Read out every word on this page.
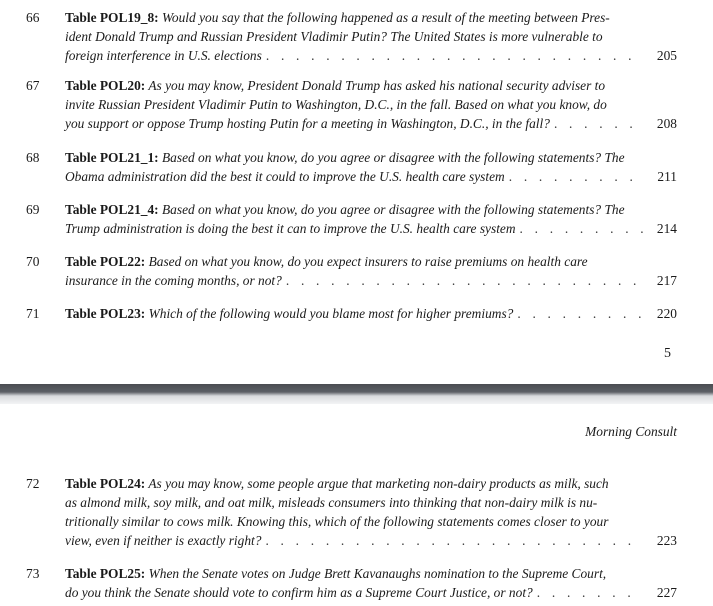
66	Table POL19_8: Would you say that the following happened as a result of the meeting between Pres-
ident Donald Trump and Russian President Vladimir Putin? The United States is more vulnerable to
foreign interference in U.S. elections . . .	205
67	Table POL20: As you may know, President Donald Trump has asked his national security adviser to
invite Russian President Vladimir Putin to Washington, D.C., in the fall. Based on what you know, do
you support or oppose Trump hosting Putin for a meeting in Washington, D.C., in the fall? . . .	208
68	Table POL21_1: Based on what you know, do you agree or disagree with the following statements? The
Obama administration did the best it could to improve the U.S. health care system . . .	211
69	Table POL21_4: Based on what you know, do you agree or disagree with the following statements? The
Trump administration is doing the best it can to improve the U.S. health care system . . .	214
70	Table POL22: Based on what you know, do you expect insurers to raise premiums on health care
insurance in the coming months, or not? . . .	217
71	Table POL23: Which of the following would you blame most for higher premiums? . . .	220
72	Table POL24: As you may know, some people argue that marketing non-dairy products as milk, such
as almond milk, soy milk, and oat milk, misleads consumers into thinking that non-dairy milk is nu-
tritionally similar to cows milk. Knowing this, which of the following statements comes closer to your
view, even if neither is exactly right? . . .	223
73	Table POL25: When the Senate votes on Judge Brett Kavanaughs nomination to the Supreme Court,
do you think the Senate should vote to confirm him as a Supreme Court Justice, or not? . . .	227
5
Morning Consult
